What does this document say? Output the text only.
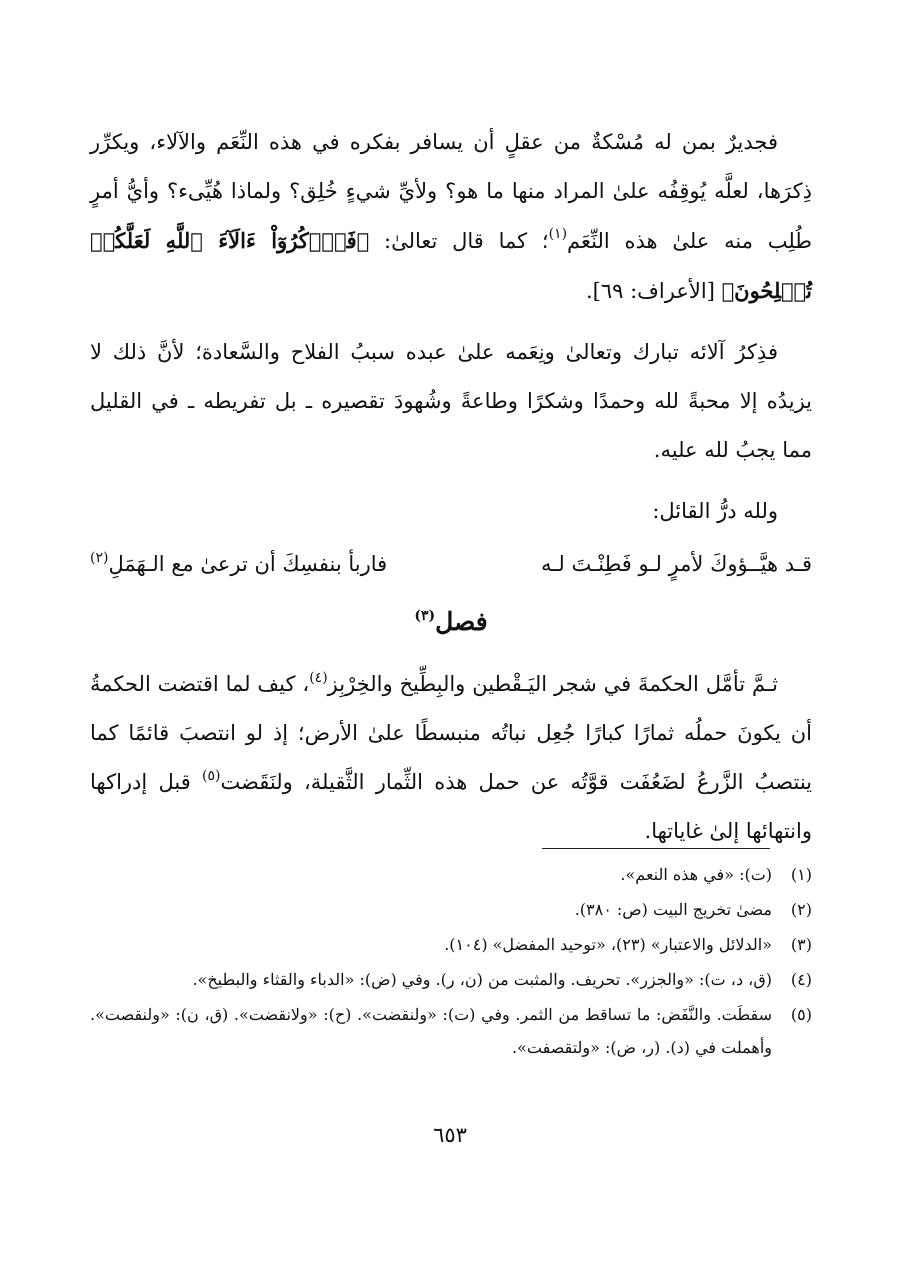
فجديرٌ بمن له مُسْكةٌ من عقلٍ أن يسافر بفكره في هذه النِّعَم والآلاء، ويكرِّر ذِكرَها، لعلَّه يُوقِفُه علىٰ المراد منها ما هو؟ ولأيِّ شيءٍ خُلِق؟ ولماذا هُيِّىء؟ وأيُّ أمرٍ طُلِب منه علىٰ هذه النِّعَم$^{(١)}$؛ كما قال تعالىٰ: ﴿فَٱذۡكُرُوٓاْ ءَالَآءَ ٱللَّهِ لَعَلَّكُمۡ تُفۡلِحُونَ﴾ [الأعراف: ٦٩].

فذِكرُ آلائه تبارك وتعالىٰ ونِعَمه علىٰ عبده سببُ الفلاح والسَّعادة؛ لأنَّ ذلك لا يزيدُه إلا محبةً لله وحمدًا وشكرًا وطاعةً وشُهودَ تقصيره ـ بل تفريطه ـ في القليل مما يجبُ لله عليه.

ولله درُّ القائل:

قـد هيَّــؤوكَ لأمرٍ لـو فَطِنْـتَ لـه
فاربأ بنفسِكَ أن ترعىٰ مع الـهَمَلِ$^{(٢)}$
فصل$^{(٣)}$

ثـمَّ تأمَّل الحكمةَ في شجر اليَـقْطين والبِطِّيخ والخِرْبِز$^{(٤)}$، كيف لما اقتضت الحكمةُ أن يكونَ حملُه ثمارًا كبارًا جُعِل نباتُه منبسطًا علىٰ الأرض؛ إذ لو انتصبَ قائمًا كما ينتصبُ الزَّرعُ لضَعُفَت قوَّتُه عن حمل هذه الثِّمار الثَّقيلة، ولنَقَضت$^{(٥)}$ قبل إدراكها وانتهائها إلىٰ غاياتها.

(١)
(ت): «في هذه النعم».
(٢)
مضىٰ تخريج البيت (ص: ٣٨٠).
(٣)
«الدلائل والاعتبار» (٢٣)، «توحيد المفضل» (١٠٤).
(٤)
(ق، د، ت): «والجزر». تحريف. والمثبت من (ن، ر). وفي (ض): «الدباء والقثاء والبطيخ».
(٥)
سقطَت. والنَّفَض: ما تساقط من الثمر. وفي (ت): «ولنقضت». (ح): «ولانقضت». (ق، ن): «ولنقصت». وأهملت في (د). (ر، ض): «ولتقصفت».
٦٥٣
